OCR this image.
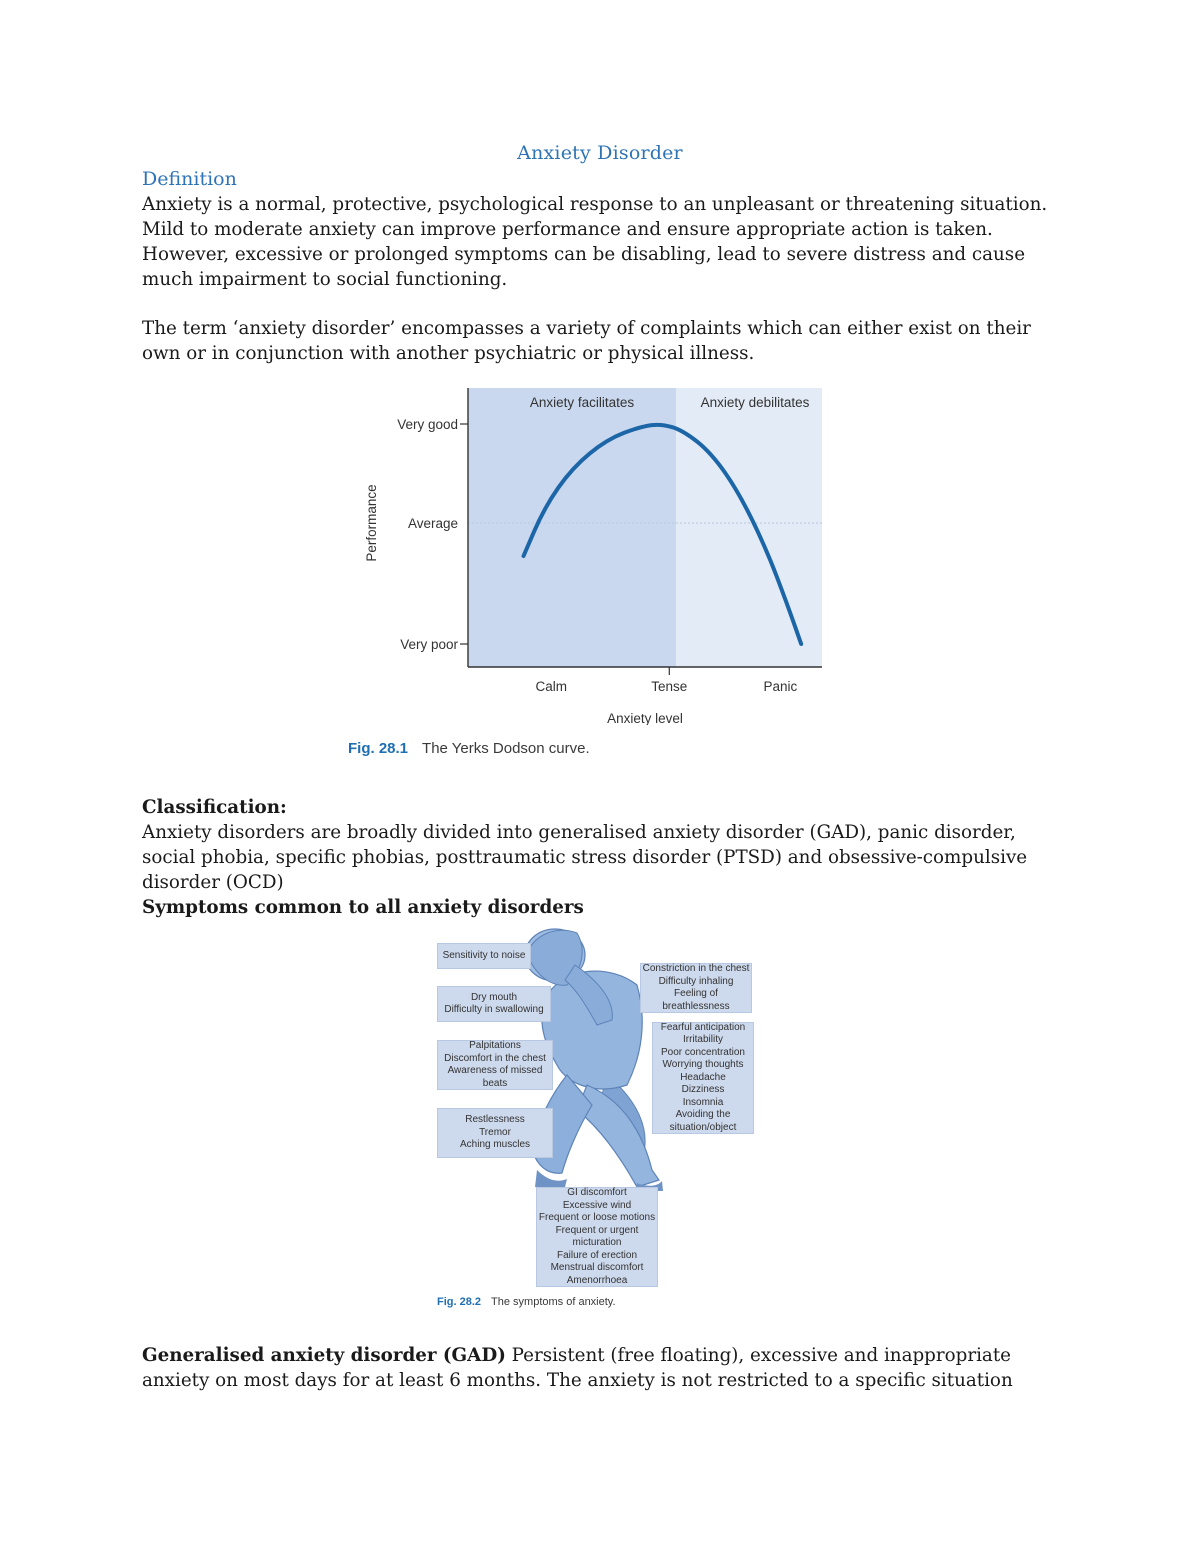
Anxiety Disorder
Definition
Anxiety is a normal, protective, psychological response to an unpleasant or threatening situation. Mild to moderate anxiety can improve performance and ensure appropriate action is taken. However, excessive or prolonged symptoms can be disabling, lead to severe distress and cause much impairment to social functioning.
The term ‘anxiety disorder’ encompasses a variety of complaints which can either exist on their own or in conjunction with another psychiatric or physical illness.
Anxiety facilitates	Anxiety debilitates
Very good
Average
Very poor
Calm	Tense	Panic
Performance
Anxiety level
Fig. 28.1 The Yerks Dodson curve.
Classification:
Anxiety disorders are broadly divided into generalised anxiety disorder (GAD), panic disorder, social phobia, specific phobias, posttraumatic stress disorder (PTSD) and obsessive-compulsive disorder (OCD)
Symptoms common to all anxiety disorders
Sensitivity to noise
Dry mouth
Difficulty in swallowing
Palpitations
Discomfort in the chest
Awareness of missed beats
Restlessness
Tremor
Aching muscles
Constriction in the chest
Difficulty inhaling
Feeling of breathlessness
Fearful anticipation
Irritability
Poor concentration
Worrying thoughts
Headache
Dizziness
Insomnia
Avoiding the situation/object
GI discomfort
Excessive wind
Frequent or loose motions
Frequent or urgent micturation
Failure of erection
Menstrual discomfort
Amenorrhoea
Fig. 28.2 The symptoms of anxiety.
Generalised anxiety disorder (GAD) Persistent (free floating), excessive and inappropriate anxiety on most days for at least 6 months. The anxiety is not restricted to a specific situation
